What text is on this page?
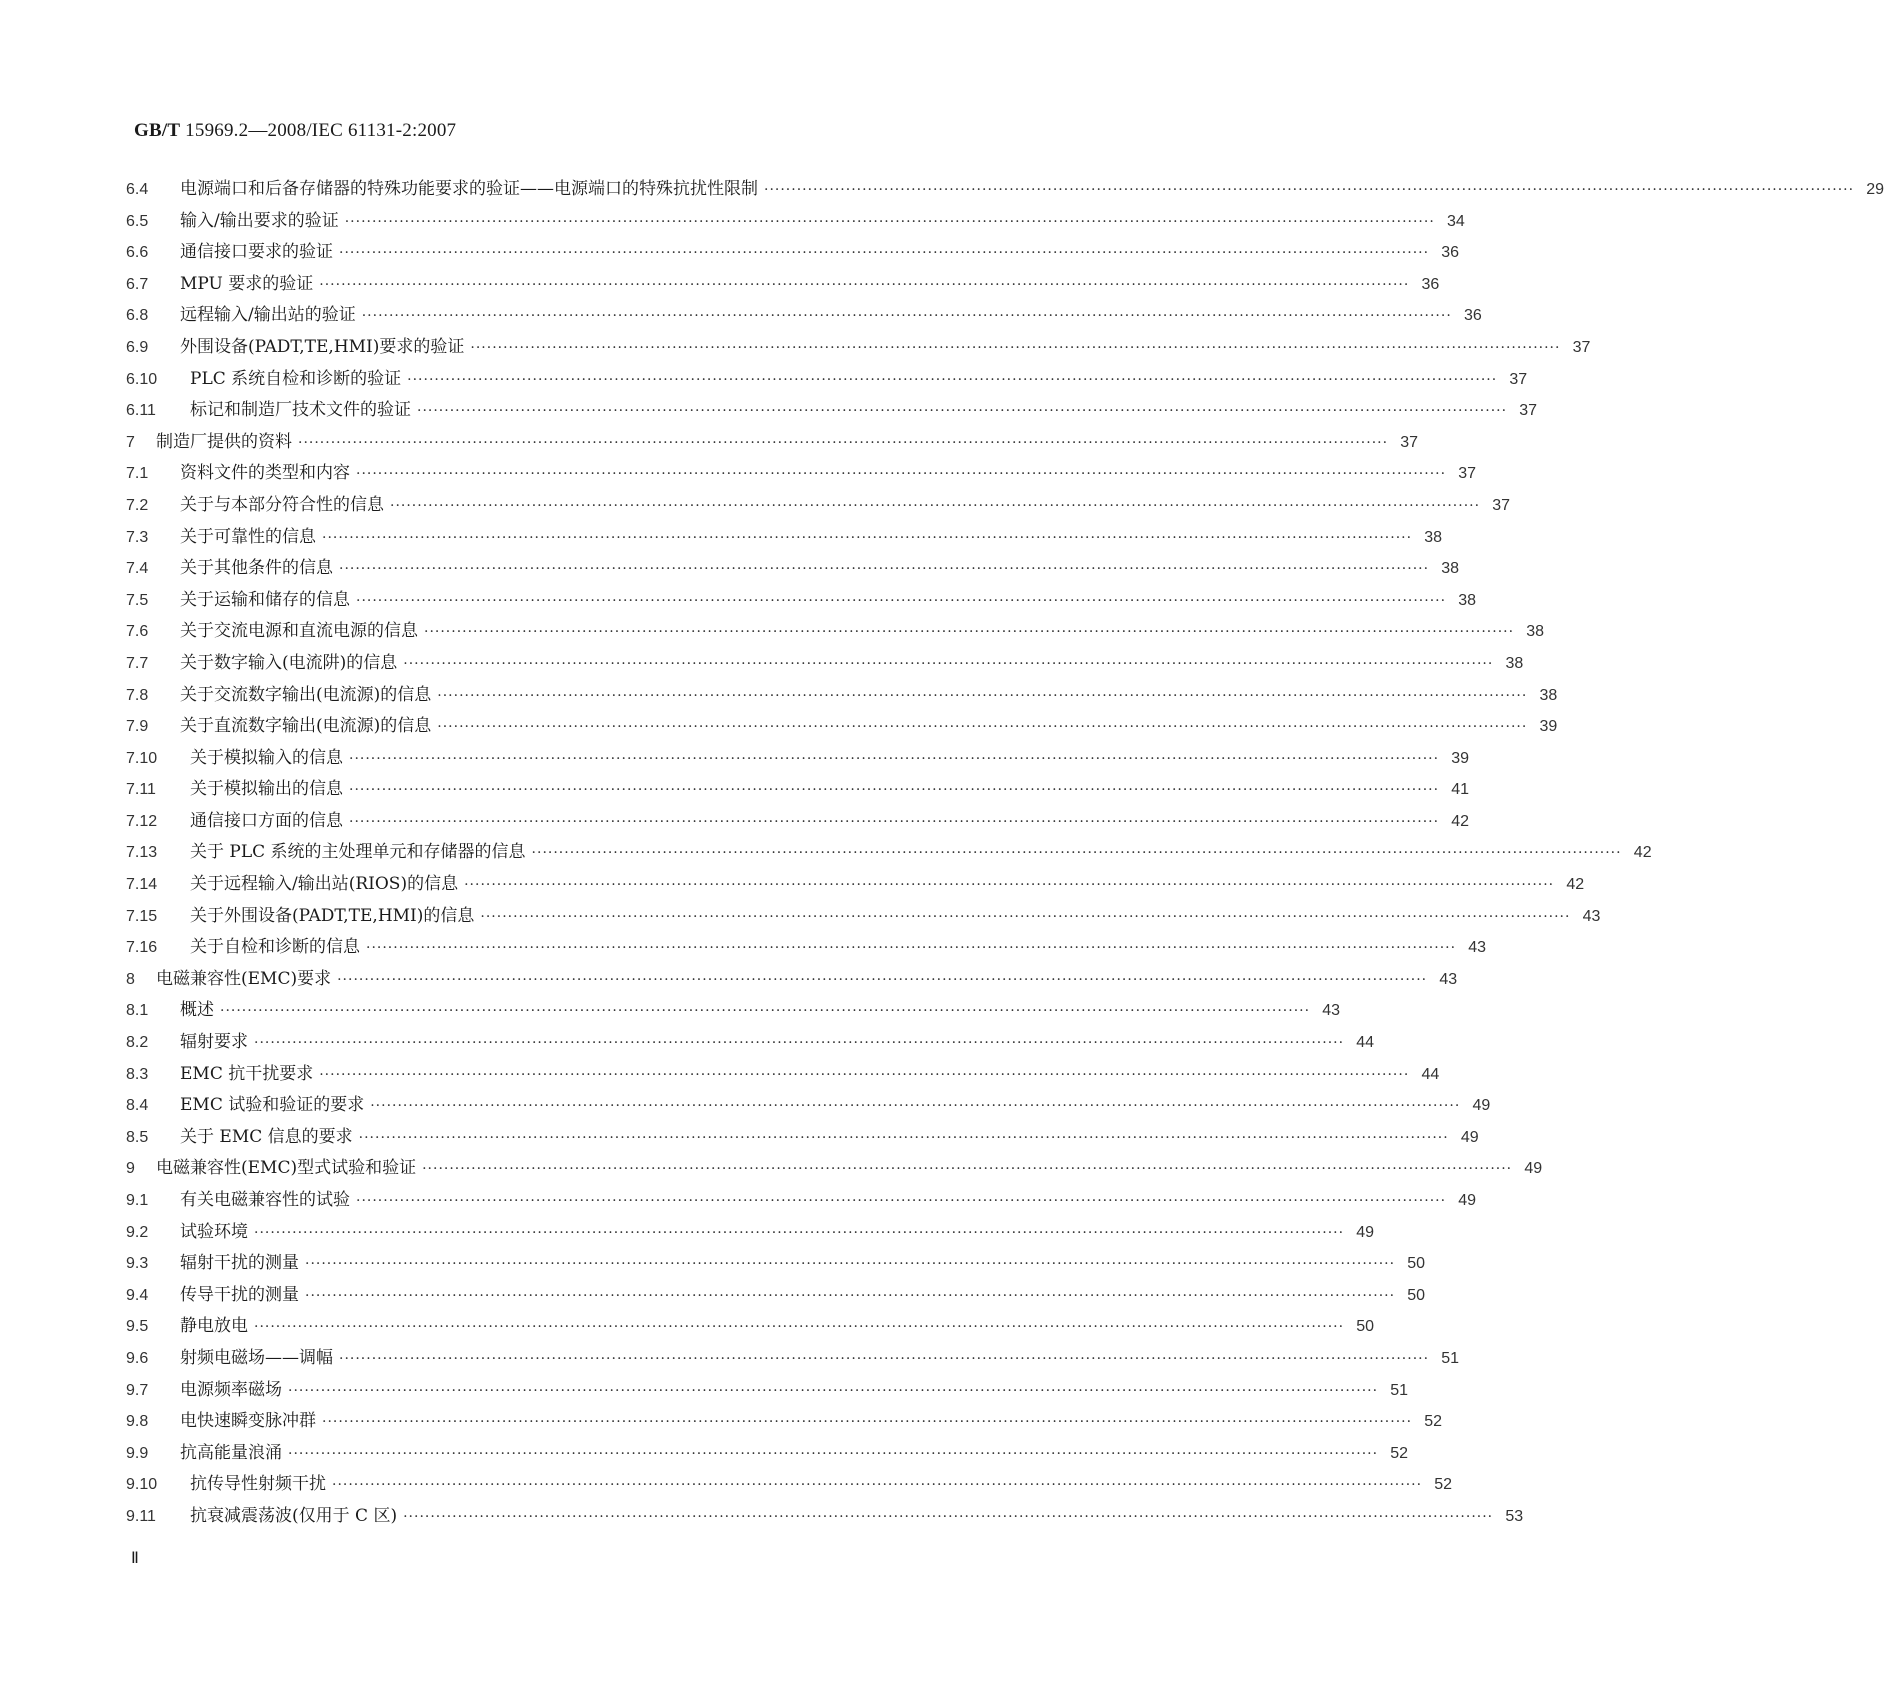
GB/T 15969.2—2008/IEC 61131-2:2007
6.4	电源端口和后备存储器的特殊功能要求的验证——电源端口的特殊抗扰性限制 ········································································································································································································ 29
6.5	输入/输出要求的验证 ········································································································································································································ 34
6.6	通信接口要求的验证 ········································································································································································································ 36
6.7	MPU 要求的验证 ········································································································································································································ 36
6.8	远程输入/输出站的验证 ········································································································································································································ 36
6.9	外围设备(PADT,TE,HMI)要求的验证 ········································································································································································································ 37
6.10	PLC 系统自检和诊断的验证 ········································································································································································································ 37
6.11	标记和制造厂技术文件的验证 ········································································································································································································ 37
7	制造厂提供的资料 ········································································································································································································ 37
7.1	资料文件的类型和内容 ········································································································································································································ 37
7.2	关于与本部分符合性的信息 ········································································································································································································ 37
7.3	关于可靠性的信息 ········································································································································································································ 38
7.4	关于其他条件的信息 ········································································································································································································ 38
7.5	关于运输和储存的信息 ········································································································································································································ 38
7.6	关于交流电源和直流电源的信息 ········································································································································································································ 38
7.7	关于数字输入(电流阱)的信息 ········································································································································································································ 38
7.8	关于交流数字输出(电流源)的信息 ········································································································································································································ 38
7.9	关于直流数字输出(电流源)的信息 ········································································································································································································ 39
7.10	关于模拟输入的信息 ········································································································································································································ 39
7.11	关于模拟输出的信息 ········································································································································································································ 41
7.12	通信接口方面的信息 ········································································································································································································ 42
7.13	关于 PLC 系统的主处理单元和存储器的信息 ········································································································································································································ 42
7.14	关于远程输入/输出站(RIOS)的信息 ········································································································································································································ 42
7.15	关于外围设备(PADT,TE,HMI)的信息 ········································································································································································································ 43
7.16	关于自检和诊断的信息 ········································································································································································································ 43
8	电磁兼容性(EMC)要求 ········································································································································································································ 43
8.1	概述 ········································································································································································································ 43
8.2	辐射要求 ········································································································································································································ 44
8.3	EMC 抗干扰要求 ········································································································································································································ 44
8.4	EMC 试验和验证的要求 ········································································································································································································ 49
8.5	关于 EMC 信息的要求 ········································································································································································································ 49
9	电磁兼容性(EMC)型式试验和验证 ········································································································································································································ 49
9.1	有关电磁兼容性的试验 ········································································································································································································ 49
9.2	试验环境 ········································································································································································································ 49
9.3	辐射干扰的测量 ········································································································································································································ 50
9.4	传导干扰的测量 ········································································································································································································ 50
9.5	静电放电 ········································································································································································································ 50
9.6	射频电磁场——调幅 ········································································································································································································ 51
9.7	电源频率磁场 ········································································································································································································ 51
9.8	电快速瞬变脉冲群 ········································································································································································································ 52
9.9	抗高能量浪涌 ········································································································································································································ 52
9.10	抗传导性射频干扰 ········································································································································································································ 52
9.11	抗衰减震荡波(仅用于 C 区) ········································································································································································································ 53
Ⅱ
